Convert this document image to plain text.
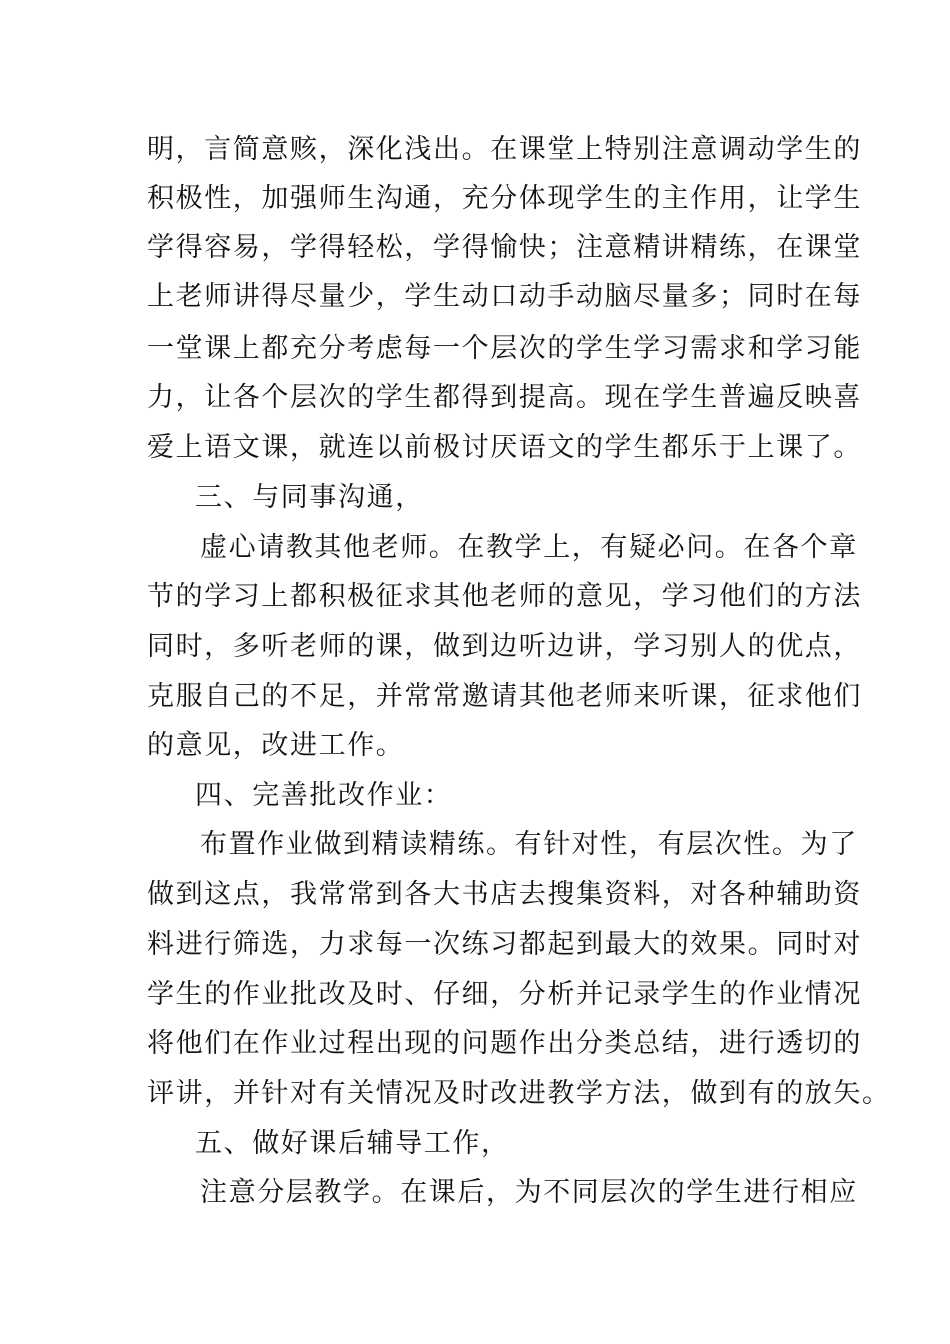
明，言简意赅，深化浅出。在课堂上特别注意调动学生的
积极性，加强师生沟通，充分体现学生的主作用，让学生
学得容易，学得轻松，学得愉快；注意精讲精练，在课堂
上老师讲得尽量少，学生动口动手动脑尽量多；同时在每
一堂课上都充分考虑每一个层次的学生学习需求和学习能
力，让各个层次的学生都得到提高。现在学生普遍反映喜
爱上语文课，就连以前极讨厌语文的学生都乐于上课了。
三、与同事沟通，
虚心请教其他老师。在教学上，有疑必问。在各个章
节的学习上都积极征求其他老师的意见，学习他们的方法
同时，多听老师的课，做到边听边讲，学习别人的优点，
克服自己的不足，并常常邀请其他老师来听课，征求他们
的意见，改进工作。
四、完善批改作业：
布置作业做到精读精练。有针对性，有层次性。为了
做到这点，我常常到各大书店去搜集资料，对各种辅助资
料进行筛选，力求每一次练习都起到最大的效果。同时对
学生的作业批改及时、仔细，分析并记录学生的作业情况
将他们在作业过程出现的问题作出分类总结，进行透切的
评讲，并针对有关情况及时改进教学方法，做到有的放矢。
五、做好课后辅导工作，
注意分层教学。在课后，为不同层次的学生进行相应
